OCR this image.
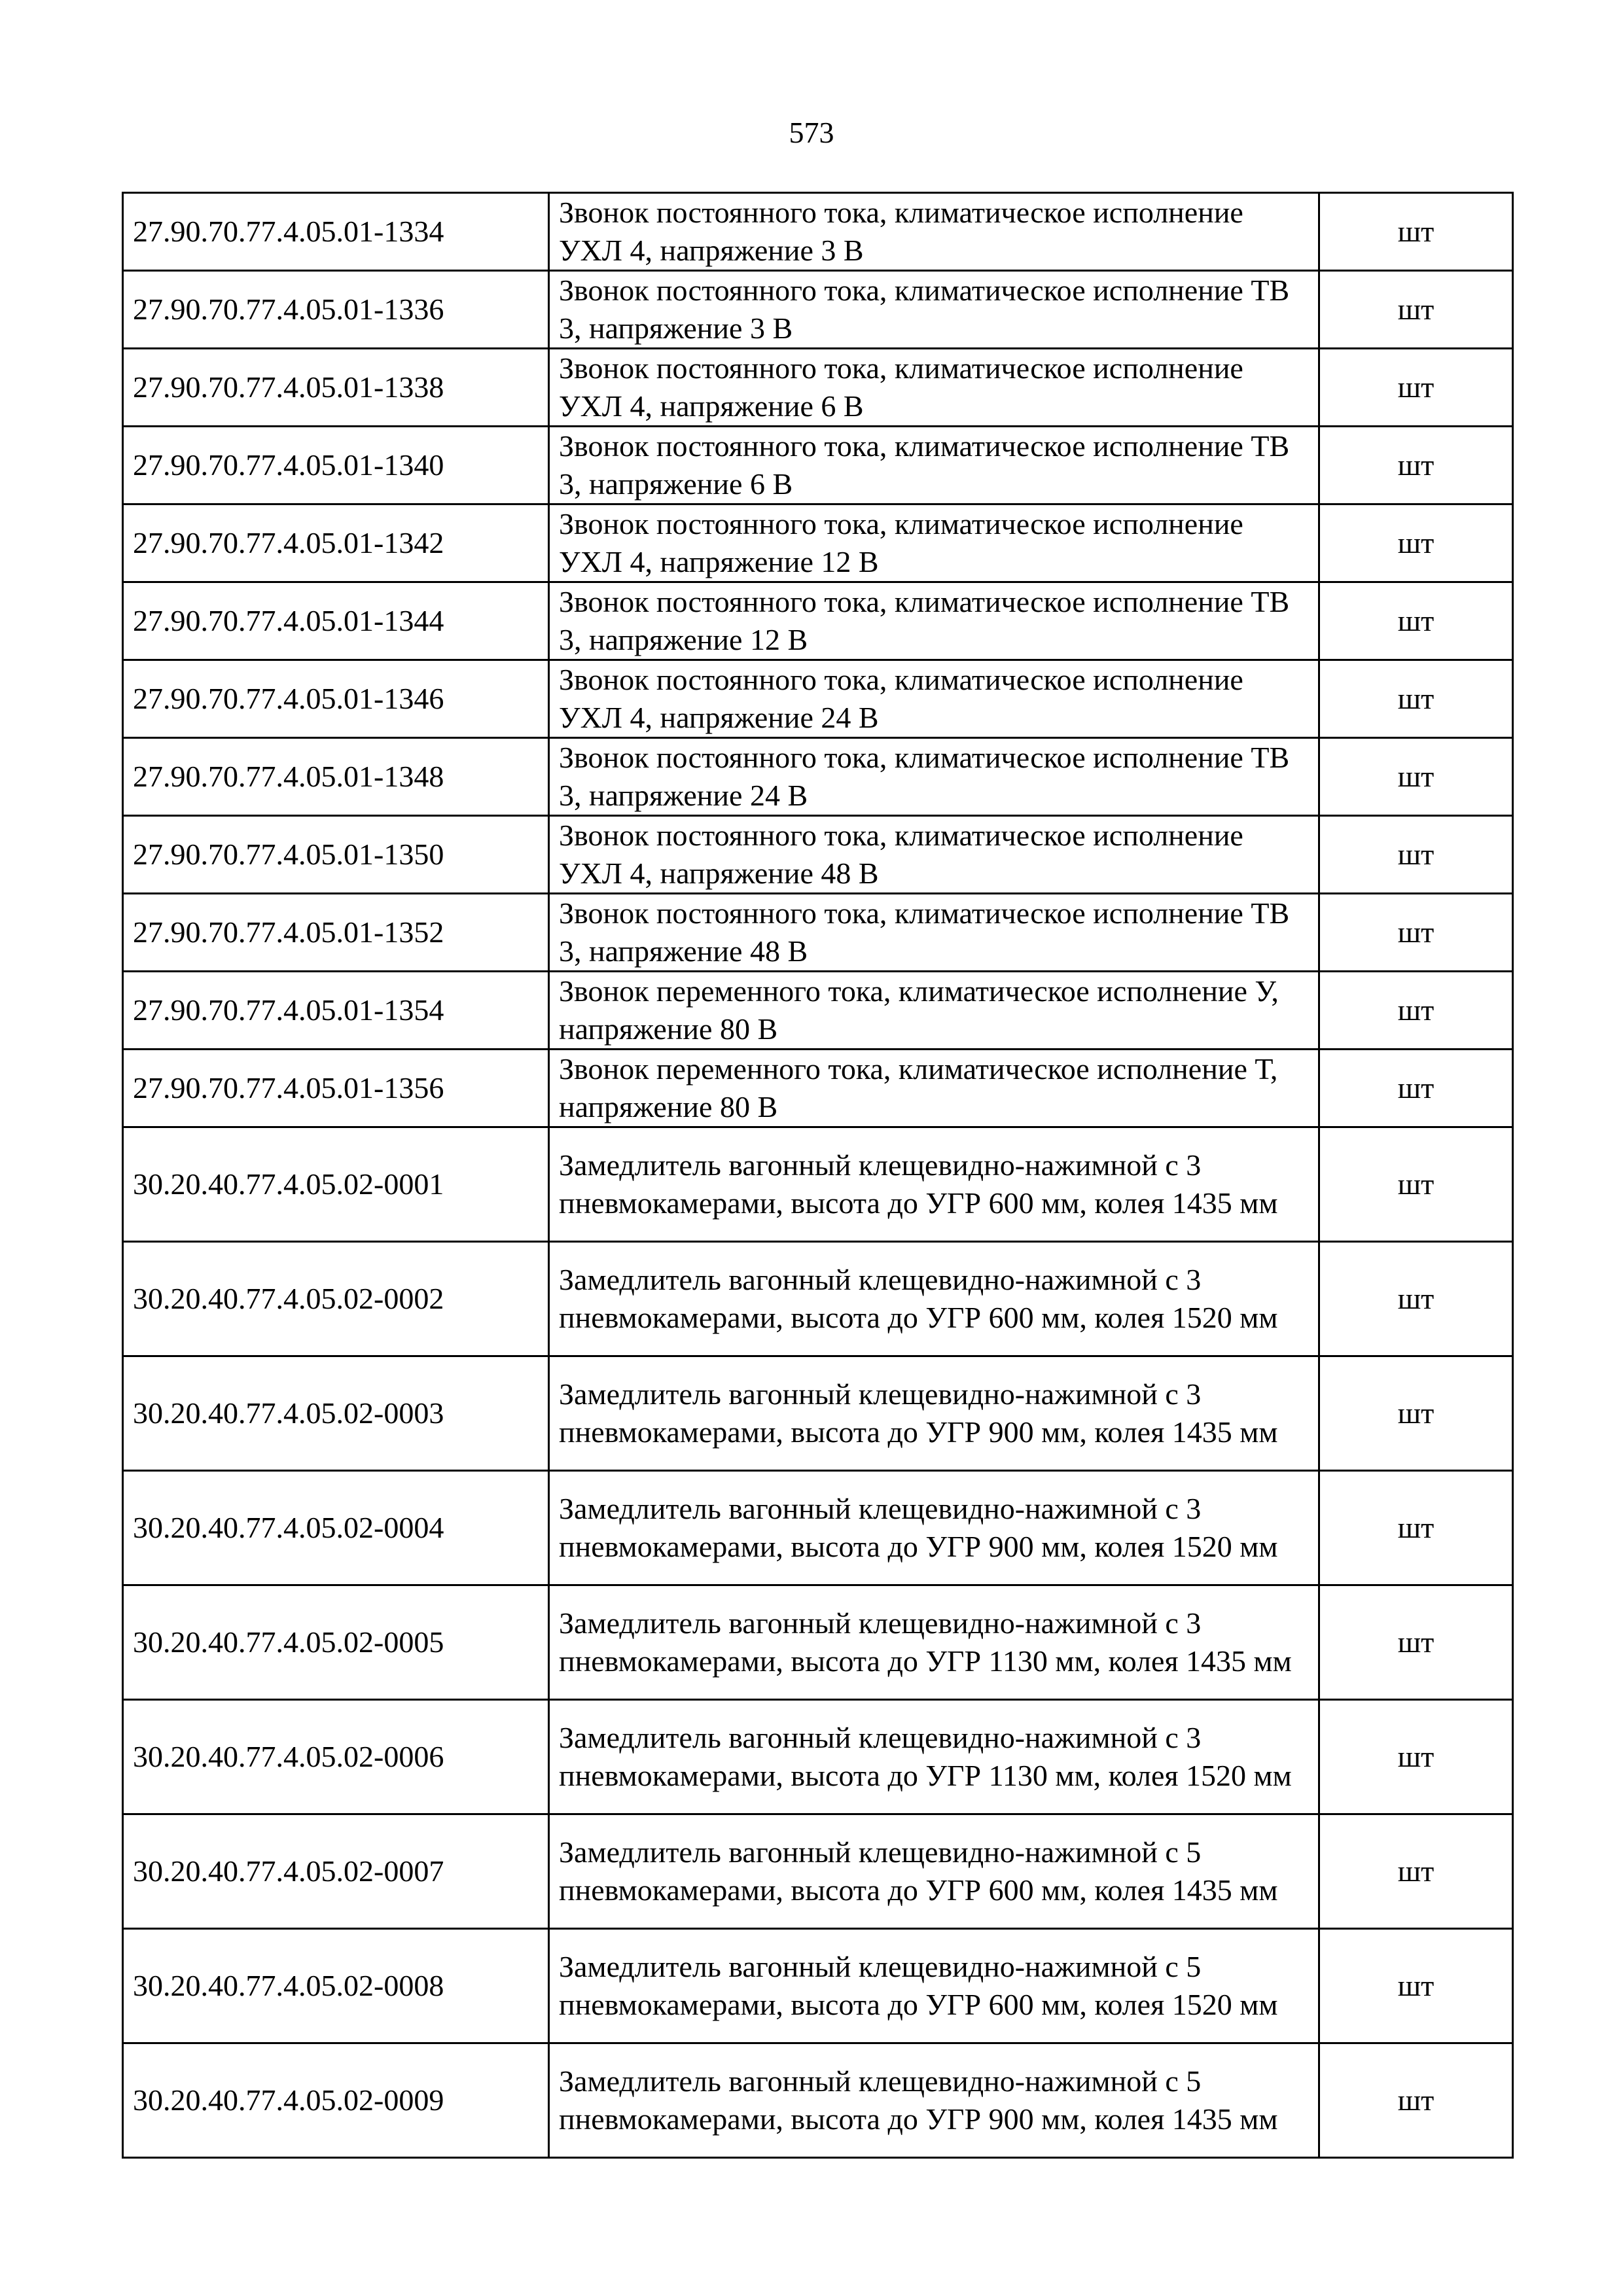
573
27.90.70.77.4.05.01-1334	Звонок постоянного тока, климатическое исполнение УХЛ 4, напряжение 3 В	шт
27.90.70.77.4.05.01-1336	Звонок постоянного тока, климатическое исполнение ТВ 3, напряжение 3 В	шт
27.90.70.77.4.05.01-1338	Звонок постоянного тока, климатическое исполнение УХЛ 4, напряжение 6 В	шт
27.90.70.77.4.05.01-1340	Звонок постоянного тока, климатическое исполнение ТВ 3, напряжение 6 В	шт
27.90.70.77.4.05.01-1342	Звонок постоянного тока, климатическое исполнение УХЛ 4, напряжение 12 В	шт
27.90.70.77.4.05.01-1344	Звонок постоянного тока, климатическое исполнение ТВ 3, напряжение 12 В	шт
27.90.70.77.4.05.01-1346	Звонок постоянного тока, климатическое исполнение УХЛ 4, напряжение 24 В	шт
27.90.70.77.4.05.01-1348	Звонок постоянного тока, климатическое исполнение ТВ 3, напряжение 24 В	шт
27.90.70.77.4.05.01-1350	Звонок постоянного тока, климатическое исполнение УХЛ 4, напряжение 48 В	шт
27.90.70.77.4.05.01-1352	Звонок постоянного тока, климатическое исполнение ТВ 3, напряжение 48 В	шт
27.90.70.77.4.05.01-1354	Звонок переменного тока, климатическое исполнение У, напряжение 80 В	шт
27.90.70.77.4.05.01-1356	Звонок переменного тока, климатическое исполнение Т, напряжение 80 В	шт
30.20.40.77.4.05.02-0001	Замедлитель вагонный клещевидно-нажимной с 3 пневмокамерами, высота до УГР 600 мм, колея 1435 мм	шт
30.20.40.77.4.05.02-0002	Замедлитель вагонный клещевидно-нажимной с 3 пневмокамерами, высота до УГР 600 мм, колея 1520 мм	шт
30.20.40.77.4.05.02-0003	Замедлитель вагонный клещевидно-нажимной с 3 пневмокамерами, высота до УГР 900 мм, колея 1435 мм	шт
30.20.40.77.4.05.02-0004	Замедлитель вагонный клещевидно-нажимной с 3 пневмокамерами, высота до УГР 900 мм, колея 1520 мм	шт
30.20.40.77.4.05.02-0005	Замедлитель вагонный клещевидно-нажимной с 3 пневмокамерами, высота до УГР 1130 мм, колея 1435 мм	шт
30.20.40.77.4.05.02-0006	Замедлитель вагонный клещевидно-нажимной с 3 пневмокамерами, высота до УГР 1130 мм, колея 1520 мм	шт
30.20.40.77.4.05.02-0007	Замедлитель вагонный клещевидно-нажимной с 5 пневмокамерами, высота до УГР 600 мм, колея 1435 мм	шт
30.20.40.77.4.05.02-0008	Замедлитель вагонный клещевидно-нажимной с 5 пневмокамерами, высота до УГР 600 мм, колея 1520 мм	шт
30.20.40.77.4.05.02-0009	Замедлитель вагонный клещевидно-нажимной с 5 пневмокамерами, высота до УГР 900 мм, колея 1435 мм	шт
